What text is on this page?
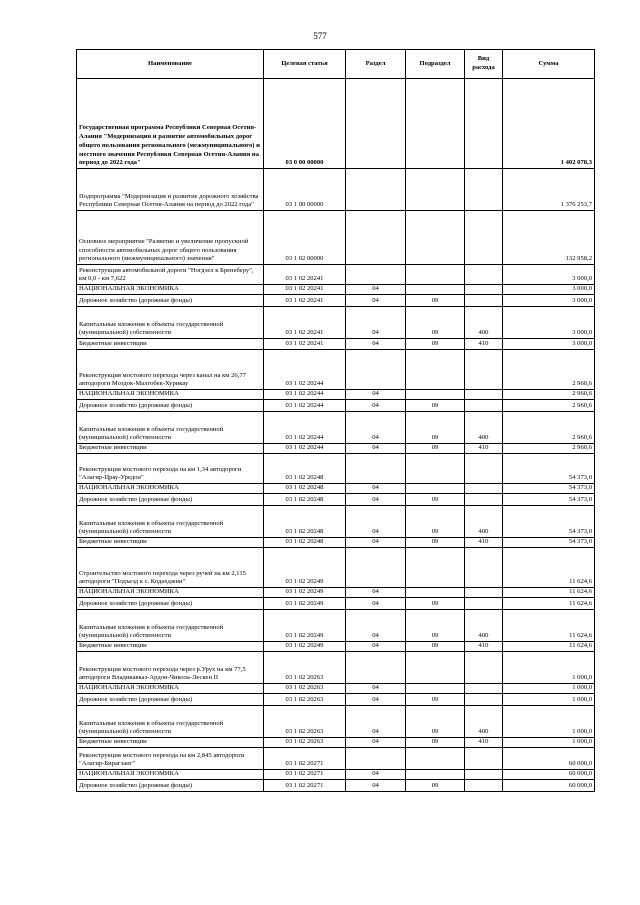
577
Наименование	Целевая статья	Раздел	Подраздел	Вид расхода	Сумма
Государственная программа Республики Северная Осетия-Алания "Модернизация и развитие автомобильных дорог общего пользования регионального (межмуниципального) и местного значения Республики Северная Осетия-Алания на период до 2022 года"	03 0 00 00000				1 402 078,3
Подпрограмма "Модернизация и развитие дорожного хозяйства Республики Северная Осетия-Алания на период до 2022 года"	03 1 00 00000				1 376 253,7
Основное мероприятие "Развитие и увеличение пропускной способности автомобильных дорог общего пользования регионального (межмуниципального) значения"	03 1 02 00000				132 958,2
Реконструкция автомобильной дороги "Ногдзел к Бренеберу", км 0,0 - км 7,622	03 1 02 20241				3 000,0
НАЦИОНАЛЬНАЯ ЭКОНОМИКА	03 1 02 20241	04			3 000,0
Дорожное хозяйство (дорожные фонды)	03 1 02 20241	04	09		3 000,0
Капитальные вложения в объекты государственной (муниципальной) собственности	03 1 02 20241	04	09	400	3 000,0
Бюджетные инвестиции	03 1 02 20241	04	09	410	3 000,0
Реконструкция мостового перехода через канал на км 26,77 автодороги Моздок-Малгобек-Хурикау	03 1 02 20244				2 960,6
НАЦИОНАЛЬНАЯ ЭКОНОМИКА	03 1 02 20244	04			2 960,6
Дорожное хозяйство (дорожные фонды)	03 1 02 20244	04	09		2 960,6
Капитальные вложения в объекты государственной (муниципальной) собственности	03 1 02 20244	04	09	400	2 960,6
Бюджетные инвестиции	03 1 02 20244	04	09	410	2 960,6
Реконструкция мостового перехода на км 1,34 автодороги "Алагир-Црау-Уредон"	03 1 02 20248				54 373,0
НАЦИОНАЛЬНАЯ ЭКОНОМИКА	03 1 02 20248	04			54 373,0
Дорожное хозяйство (дорожные фонды)	03 1 02 20248	04	09		54 373,0
Капитальные вложения в объекты государственной (муниципальной) собственности	03 1 02 20248	04	09	400	54 373,0
Бюджетные инвестиции	03 1 02 20248	04	09	410	54 373,0
Строительство мостового перехода через ручей на км 2,115 автодороги "Подъезд к с. Кодахджин"	03 1 02 20249				11 624,6
НАЦИОНАЛЬНАЯ ЭКОНОМИКА	03 1 02 20249	04			11 624,6
Дорожное хозяйство (дорожные фонды)	03 1 02 20249	04	09		11 624,6
Капитальные вложения в объекты государственной (муниципальной) собственности	03 1 02 20249	04	09	400	11 624,6
Бюджетные инвестиции	03 1 02 20249	04	09	410	11 624,6
Реконструкция мостового перехода через р.Урух на км 77,5 автодороги Владикавказ-Ардон-Чикола-Лескен II	03 1 02 20263				1 000,0
НАЦИОНАЛЬНАЯ ЭКОНОМИКА	03 1 02 20263	04			1 000,0
Дорожное хозяйство (дорожные фонды)	03 1 02 20263	04	09		1 000,0
Капитальные вложения в объекты государственной (муниципальной) собственности	03 1 02 20263	04	09	400	1 000,0
Бюджетные инвестиции	03 1 02 20263	04	09	410	1 000,0
Реконструкция мостового перехода на км 2,845 автодороги "Алагир-Бирагзанг"	03 1 02 20271				60 000,0
НАЦИОНАЛЬНАЯ ЭКОНОМИКА	03 1 02 20271	04			60 000,0
Дорожное хозяйство (дорожные фонды)	03 1 02 20271	04	09		60 000,0
